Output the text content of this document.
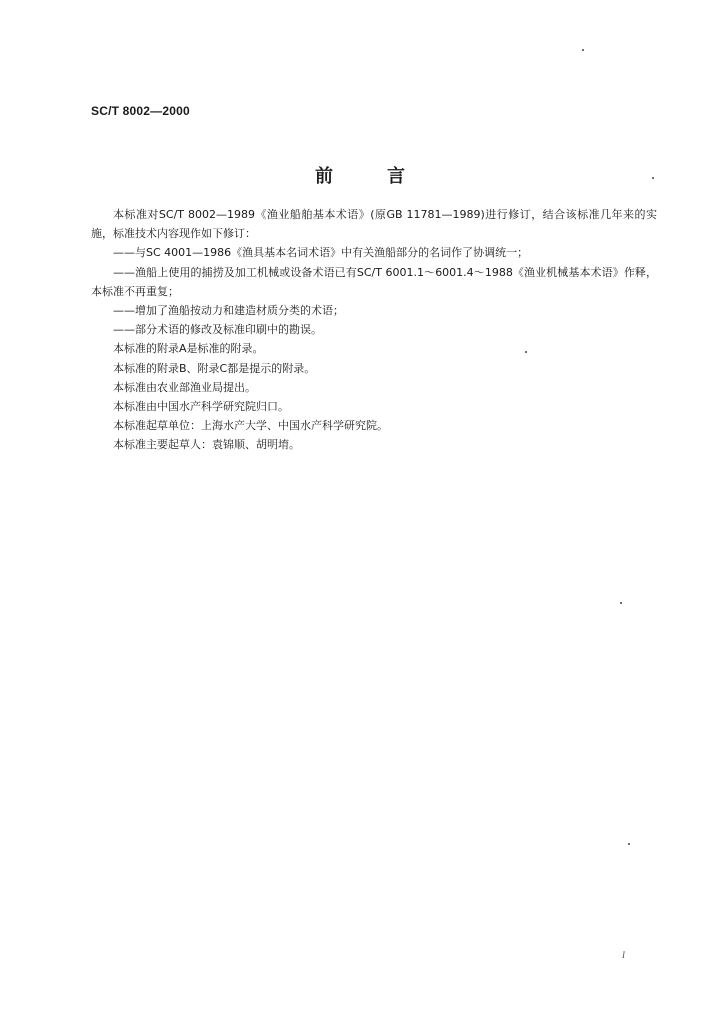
SC/T 8002—2000
前	言

本标准对SC/T 8002—1989《渔业船舶基本术语》(原GB 11781—1989)进行修订，结合该标准几年来的实施，标准技术内容现作如下修订：

——与SC 4001—1986《渔具基本名词术语》中有关渔船部分的名词作了协调统一；

——渔船上使用的捕捞及加工机械或设备术语已有SC/T 6001.1～6001.4～1988《渔业机械基本术语》作释，本标准不再重复；

——增加了渔船按动力和建造材质分类的术语；

——部分术语的修改及标准印刷中的勘误。

本标准的附录A是标准的附录。

本标准的附录B、附录C都是提示的附录。

本标准由农业部渔业局提出。

本标准由中国水产科学研究院归口。

本标准起草单位：上海水产大学、中国水产科学研究院。

本标准主要起草人：袁锦顺、胡明堉。

I
